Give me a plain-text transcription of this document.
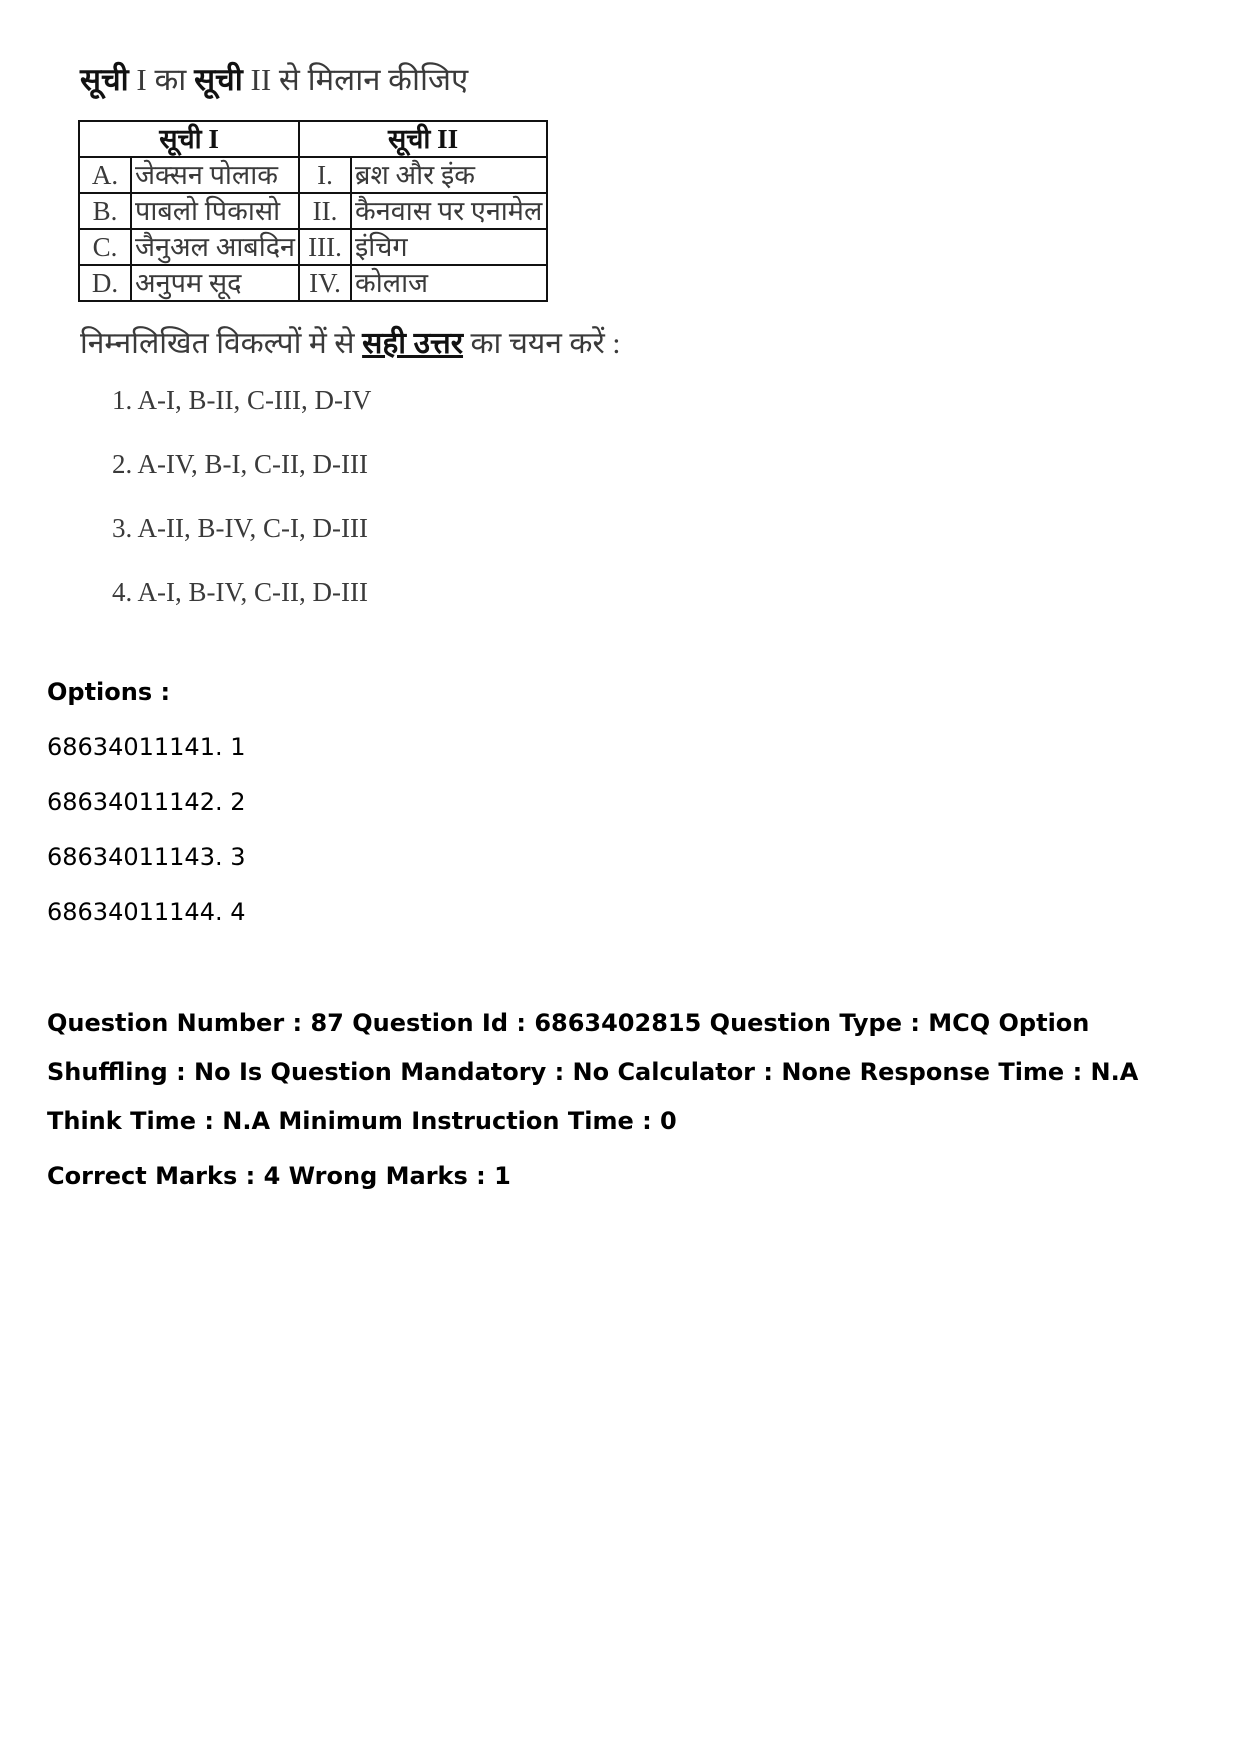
सूची I का सूची II से मिलान कीजिए
सूची I		सूची II	
A.	जेक्सन पोलाक	I.	ब्रश और इंक
B.	पाबलो पिकासो	II.	कैनवास पर एनामेल
C.	जैनुअल आबदिन	III.	इंचिग
D.	अनुपम सूद	IV.	कोलाज
निम्नलिखित विकल्पों में से सही उत्तर का चयन करें :
1. A-I, B-II, C-III, D-IV
2. A-IV, B-I, C-II, D-III
3. A-II, B-IV, C-I, D-III
4. A-I, B-IV, C-II, D-III
Options :
68634011141. 1
68634011142. 2
68634011143. 3
68634011144. 4
Question Number : 87 Question Id : 6863402815 Question Type : MCQ Option Shuffling : No Is Question Mandatory : No Calculator : None Response Time : N.A Think Time : N.A Minimum Instruction Time : 0
Correct Marks : 4 Wrong Marks : 1
